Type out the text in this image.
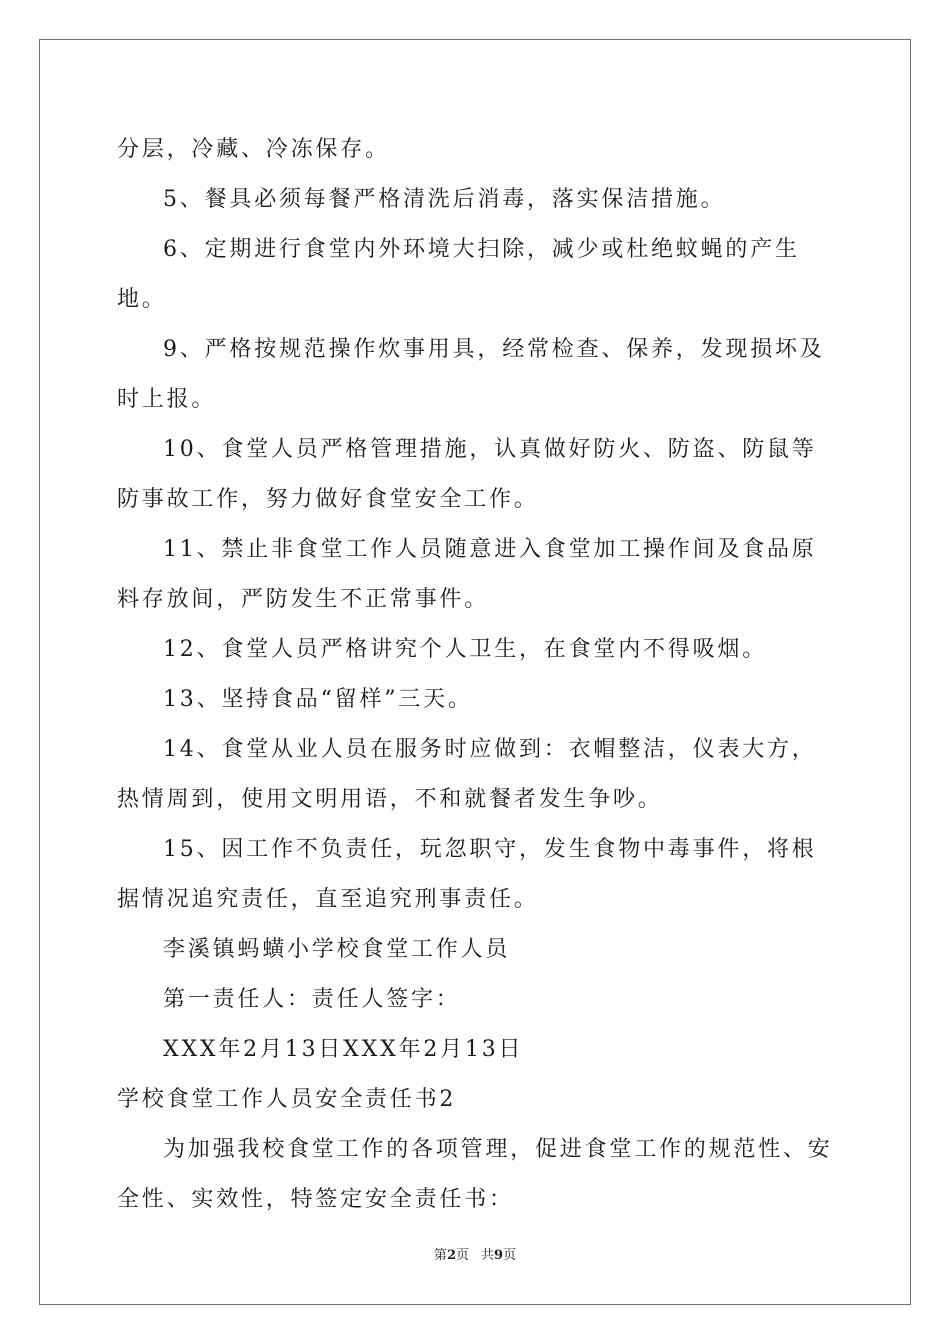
分层，冷藏、冷冻保存。

5、餐具必须每餐严格清洗后消毒，落实保洁措施。

6、定期进行食堂内外环境大扫除，减少或杜绝蚊蝇的产生地。

9、严格按规范操作炊事用具，经常检查、保养，发现损坏及时上报。

10、食堂人员严格管理措施，认真做好防火、防盗、防鼠等防事故工作，努力做好食堂安全工作。

11、禁止非食堂工作人员随意进入食堂加工操作间及食品原料存放间，严防发生不正常事件。

12、食堂人员严格讲究个人卫生，在食堂内不得吸烟。

13、坚持食品“留样”三天。

14、食堂从业人员在服务时应做到：衣帽整洁，仪表大方，热情周到，使用文明用语，不和就餐者发生争吵。

15、因工作不负责任，玩忽职守，发生食物中毒事件，将根据情况追究责任，直至追究刑事责任。

李溪镇蚂蟥小学校食堂工作人员

第一责任人：责任人签字：

XXX年2月13日XXX年2月13日

学校食堂工作人员安全责任书2

为加强我校食堂工作的各项管理，促进食堂工作的规范性、安全性、实效性，特签定安全责任书：

第2页 共9页
